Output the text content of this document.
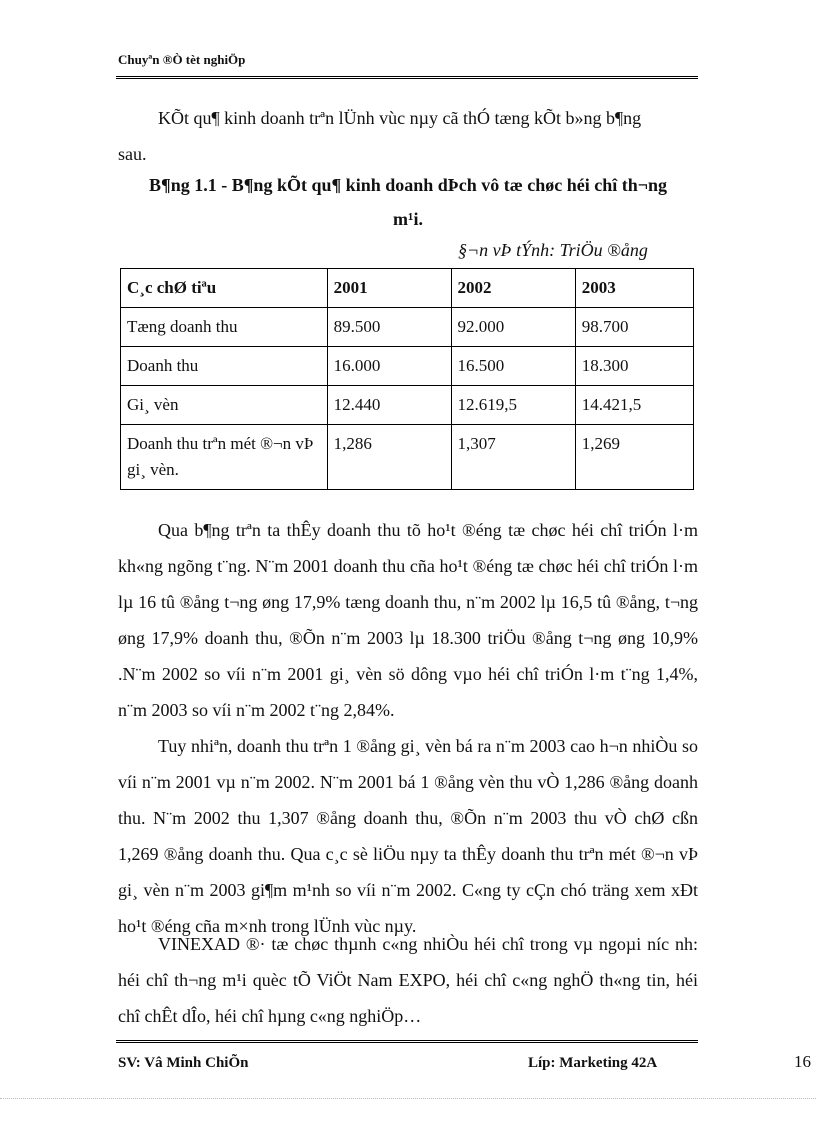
Chuyªn ®Ò tèt nghiÖp

KÕt qu¶ kinh doanh trªn lÜnh vùc nµy cã thÓ tæng kÕt b»ng b¶ng
sau.

B¶ng 1.1 - B¶ng kÕt qu¶ kinh doanh dÞch vô tæ chøc héi chî th¬ng
m¹i.
§¬n vÞ tÝnh: TriÖu ®ång
C¸c chØ tiªu	2001	2002	2003
Tæng doanh thu	89.500	92.000	98.700
Doanh thu	16.000	16.500	18.300
Gi¸ vèn	12.440	12.619,5	14.421,5
Doanh thu trªn mét ®¬n vÞ gi¸ vèn.	1,286	1,307	1,269

Qua b¶ng trªn ta thÊy doanh thu tõ ho¹t ®éng tæ chøc héi chî triÓn l·m kh«ng ngõng t¨ng. N¨m 2001 doanh thu cña ho¹t ®éng tæ chøc héi chî triÓn l·m lµ 16 tû ®ång t¬ng øng 17,9% tæng doanh thu, n¨m 2002 lµ 16,5 tû ®ång, t¬ng øng 17,9% doanh thu, ®Õn n¨m 2003 lµ 18.300 triÖu ®ång t¬ng øng 10,9% .N¨m 2002 so víi n¨m 2001 gi¸ vèn sö dông vµo héi chî triÓn l·m t¨ng 1,4%, n¨m 2003 so víi n¨m 2002 t¨ng 2,84%.

Tuy nhiªn, doanh thu trªn 1 ®ång gi¸ vèn bá ra n¨m 2003 cao h¬n nhiÒu so víi n¨m 2001 vµ n¨m 2002. N¨m 2001 bá 1 ®ång vèn thu vÒ 1,286 ®ång doanh thu. N¨m 2002 thu 1,307 ®ång doanh thu, ®Õn n¨m 2003 thu vÒ chØ cßn 1,269 ®ång doanh thu. Qua c¸c sè liÖu nµy ta thÊy doanh thu trªn mét ®¬n vÞ gi¸ vèn n¨m 2003 gi¶m m¹nh so víi n¨m 2002. C«ng ty cÇn chó träng xem xÐt ho¹t ®éng cña m×nh trong lÜnh vùc nµy.

VINEXAD ®· tæ chøc thµnh c«ng nhiÒu héi chî trong vµ ngoµi níc nh: héi chî th¬ng m¹i quèc tÕ ViÖt Nam EXPO, héi chî c«ng nghÖ th«ng tin, héi chî chÊt dÎo, héi chî hµng c«ng nghiÖp…

SV: Vâ Minh ChiÕn	Líp: Marketing 42A	16
